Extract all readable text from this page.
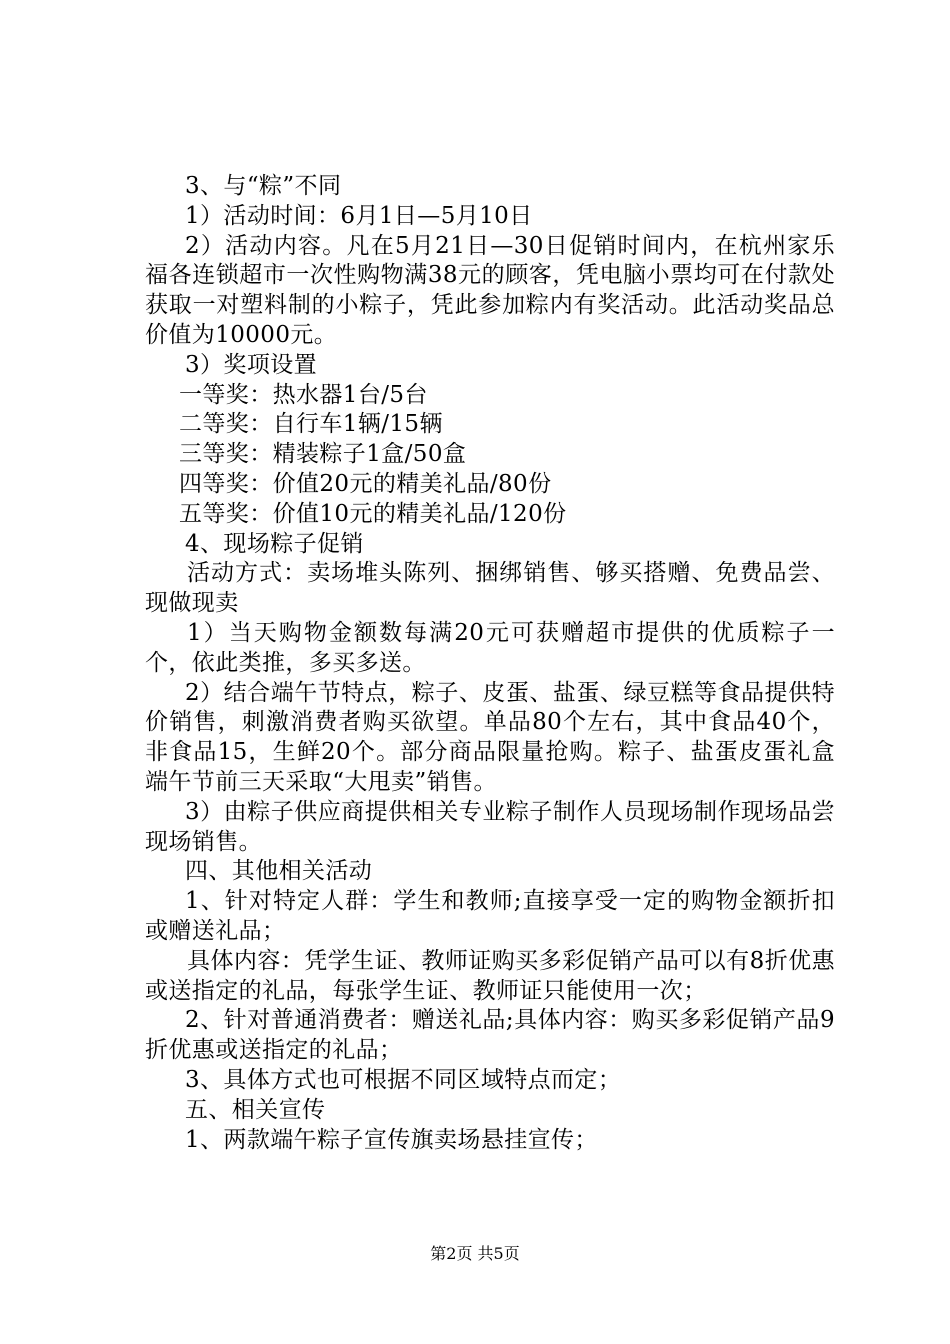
3、与“粽”不同

1）活动时间：6月1日—5月10日

2）活动内容。凡在5月21日—30日促销时间内，在杭州家乐福各连锁超市一次性购物满38元的顾客，凭电脑小票均可在付款处获取一对塑料制的小粽子，凭此参加粽内有奖活动。此活动奖品总价值为10000元。

3）奖项设置

一等奖：热水器1台/5台

二等奖：自行车1辆/15辆

三等奖：精装粽子1盒/50盒

四等奖：价值20元的精美礼品/80份

五等奖：价值10元的精美礼品/120份

4、现场粽子促销

活动方式：卖场堆头陈列、捆绑销售、够买搭赠、免费品尝、现做现卖

1）当天购物金额数每满20元可获赠超市提供的优质粽子一个，依此类推，多买多送。

2）结合端午节特点，粽子、皮蛋、盐蛋、绿豆糕等食品提供特价销售，刺激消费者购买欲望。单品80个左右，其中食品40个，非食品15，生鲜20个。部分商品限量抢购。粽子、盐蛋皮蛋礼盒端午节前三天采取“大甩卖”销售。

3）由粽子供应商提供相关专业粽子制作人员现场制作现场品尝现场销售。

四、其他相关活动

1、针对特定人群：学生和教师;直接享受一定的购物金额折扣或赠送礼品；

具体内容：凭学生证、教师证购买多彩促销产品可以有8折优惠或送指定的礼品，每张学生证、教师证只能使用一次；

2、针对普通消费者：赠送礼品;具体内容：购买多彩促销产品9折优惠或送指定的礼品；

3、具体方式也可根据不同区域特点而定；

五、相关宣传

1、两款端午粽子宣传旗卖场悬挂宣传；

第2页 共5页
